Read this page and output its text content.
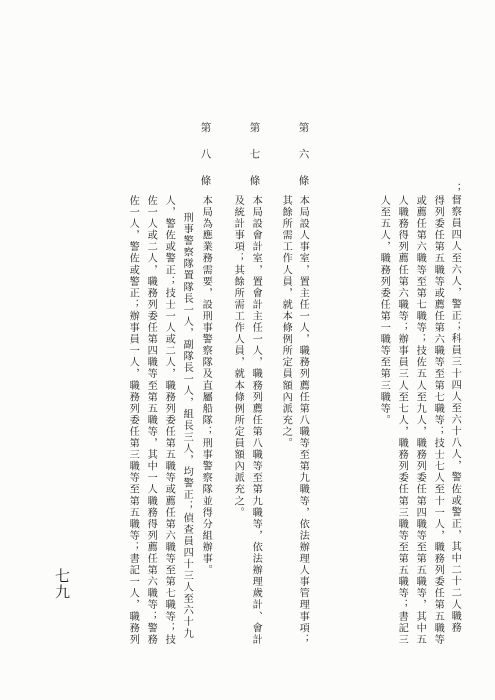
第六條
第七條
第八條
；督察員四人至六人，警正；科員三十四人至六十八人，警佐或警正，其中二十二人職務
得列委任第五職等或薦任第六職等至第七職等；技士七人至十一人，職務列委任第五職等
或薦任第六職等至第七職等；技佐五人至九人，職務列委任第四職等至第五職等，其中五
人職務得列薦任第六職等；辦事員三人至七人，職務列委任第三職等至第五職等；書記三
人至五人，職務列委任第一職等至第三職等。
本局設人事室，置主任一人，職務列薦任第八職等至第九職等，依法辦理人事管理事項；
其餘所需工作人員，就本條例所定員額內派充之。
本局設會計室，置會計主任一人，職務列薦任第八職等至第九職等，依法辦理歲計、會計
及統計事項；其餘所需工作人員，就本條例所定員額內派充之。
本局為應業務需要，設刑事警察隊及直屬船隊；刑事警察隊並得分組辦事。
刑事警察隊置隊長一人，副隊長一人，組長三人，均警正；偵查員四十三人至六十九
人，警佐或警正；技士一人或二人，職務列委任第五職等或薦任第六職等至第七職等；技
佐一人或二人，職務列委任第四職等至第五職等，其中一人職務得列薦任第六職等；警務
佐一人，警佐或警正；辦事員一人，職務列委任第三職等至第五職等；書記一人，職務列
七九
